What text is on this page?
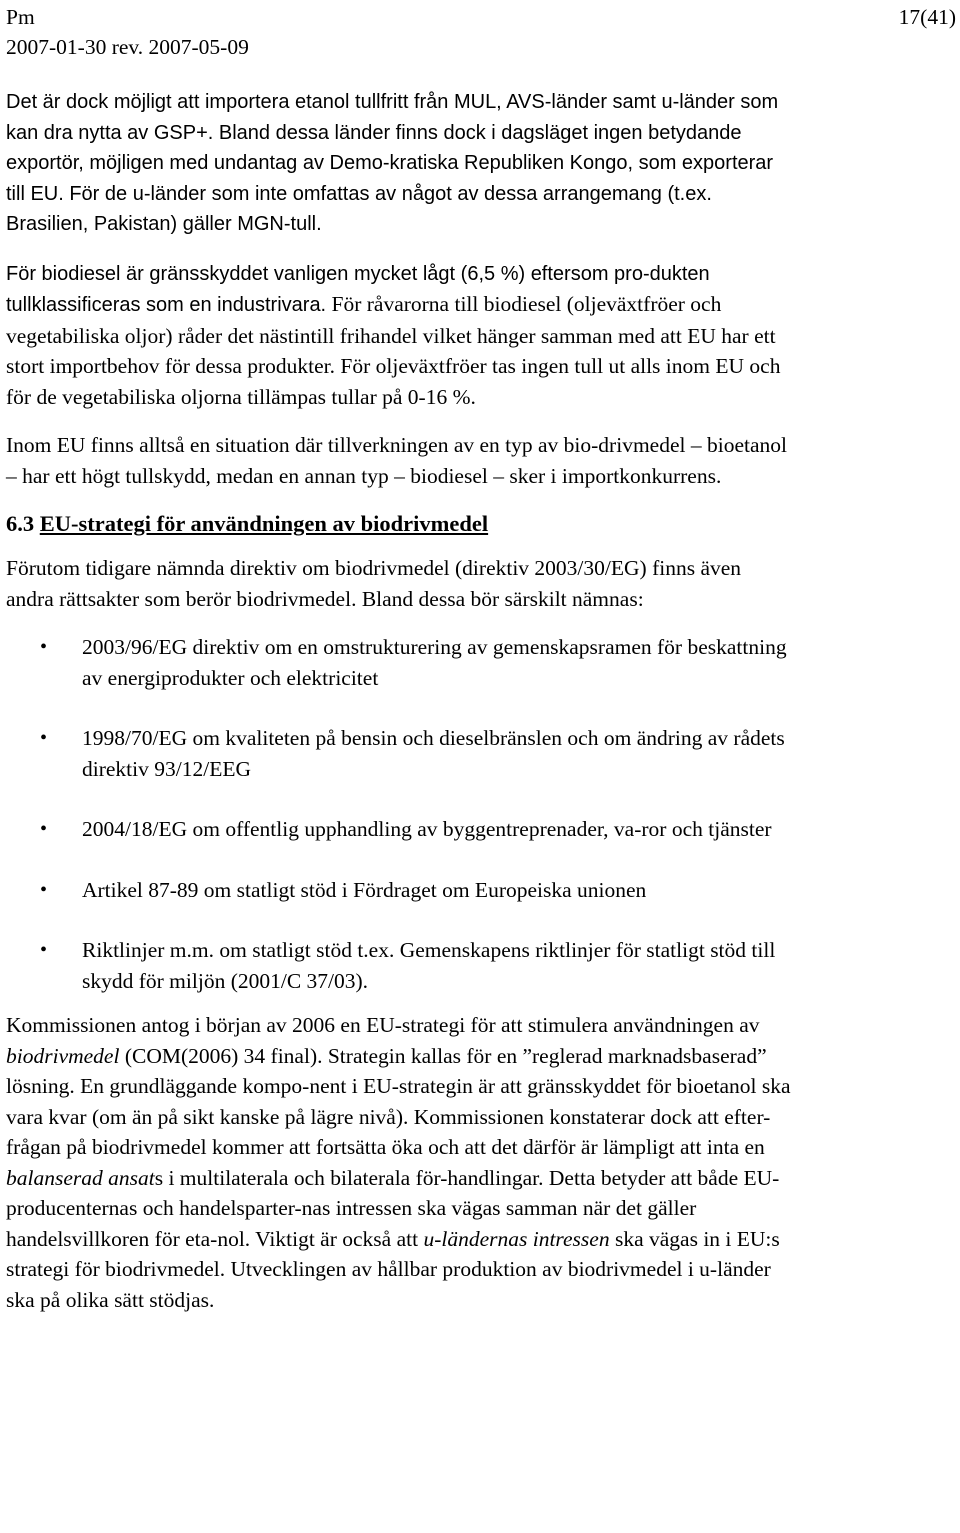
Pm
2007-01-30 rev. 2007-05-09
17(41)

Det är dock möjligt att importera etanol tullfritt från MUL, AVS-länder samt u-länder som kan dra nytta av GSP+. Bland dessa länder finns dock i dagsläget ingen betydande exportör, möjligen med undantag av Demo-kratiska Republiken Kongo, som exporterar till EU. För de u-länder som inte omfattas av något av dessa arrangemang (t.ex. Brasilien, Pakistan) gäller MGN-tull.

För biodiesel är gränsskyddet vanligen mycket lågt (6,5 %) eftersom pro-dukten tullklassificeras som en industrivara. För råvarorna till biodiesel (oljeväxtfröer och vegetabiliska oljor) råder det nästintill frihandel vilket hänger samman med att EU har ett stort importbehov för dessa produkter. För oljeväxtfröer tas ingen tull ut alls inom EU och för de vegetabiliska oljorna tillämpas tullar på 0-16 %.

Inom EU finns alltså en situation där tillverkningen av en typ av bio-drivmedel – bioetanol – har ett högt tullskydd, medan en annan typ – biodiesel – sker i importkonkurrens.

6.3 EU-strategi för användningen av biodrivmedel

Förutom tidigare nämnda direktiv om biodrivmedel (direktiv 2003/30/EG) finns även andra rättsakter som berör biodrivmedel. Bland dessa bör särskilt nämnas:

• 2003/96/EG direktiv om en omstrukturering av gemenskapsramen för beskattning av energiprodukter och elektricitet
• 1998/70/EG om kvaliteten på bensin och dieselbränslen och om ändring av rådets direktiv 93/12/EEG
• 2004/18/EG om offentlig upphandling av byggentreprenader, va-ror och tjänster
• Artikel 87-89 om statligt stöd i Fördraget om Europeiska unionen
• Riktlinjer m.m. om statligt stöd t.ex. Gemenskapens riktlinjer för statligt stöd till skydd för miljön (2001/C 37/03).

Kommissionen antog i början av 2006 en EU-strategi för att stimulera användningen av biodrivmedel (COM(2006) 34 final). Strategin kallas för en ”reglerad marknadsbaserad” lösning. En grundläggande kompo-nent i EU-strategin är att gränsskyddet för bioetanol ska vara kvar (om än på sikt kanske på lägre nivå). Kommissionen konstaterar dock att efter-frågan på biodrivmedel kommer att fortsätta öka och att det därför är lämpligt att inta en balanserad ansats i multilaterala och bilaterala för-handlingar. Detta betyder att både EU-producenternas och handelsparter-nas intressen ska vägas samman när det gäller handelsvillkoren för eta-nol. Viktigt är också att u-ländernas intressen ska vägas in i EU:s strategi för biodrivmedel. Utvecklingen av hållbar produktion av biodrivmedel i u-länder ska på olika sätt stödjas.
